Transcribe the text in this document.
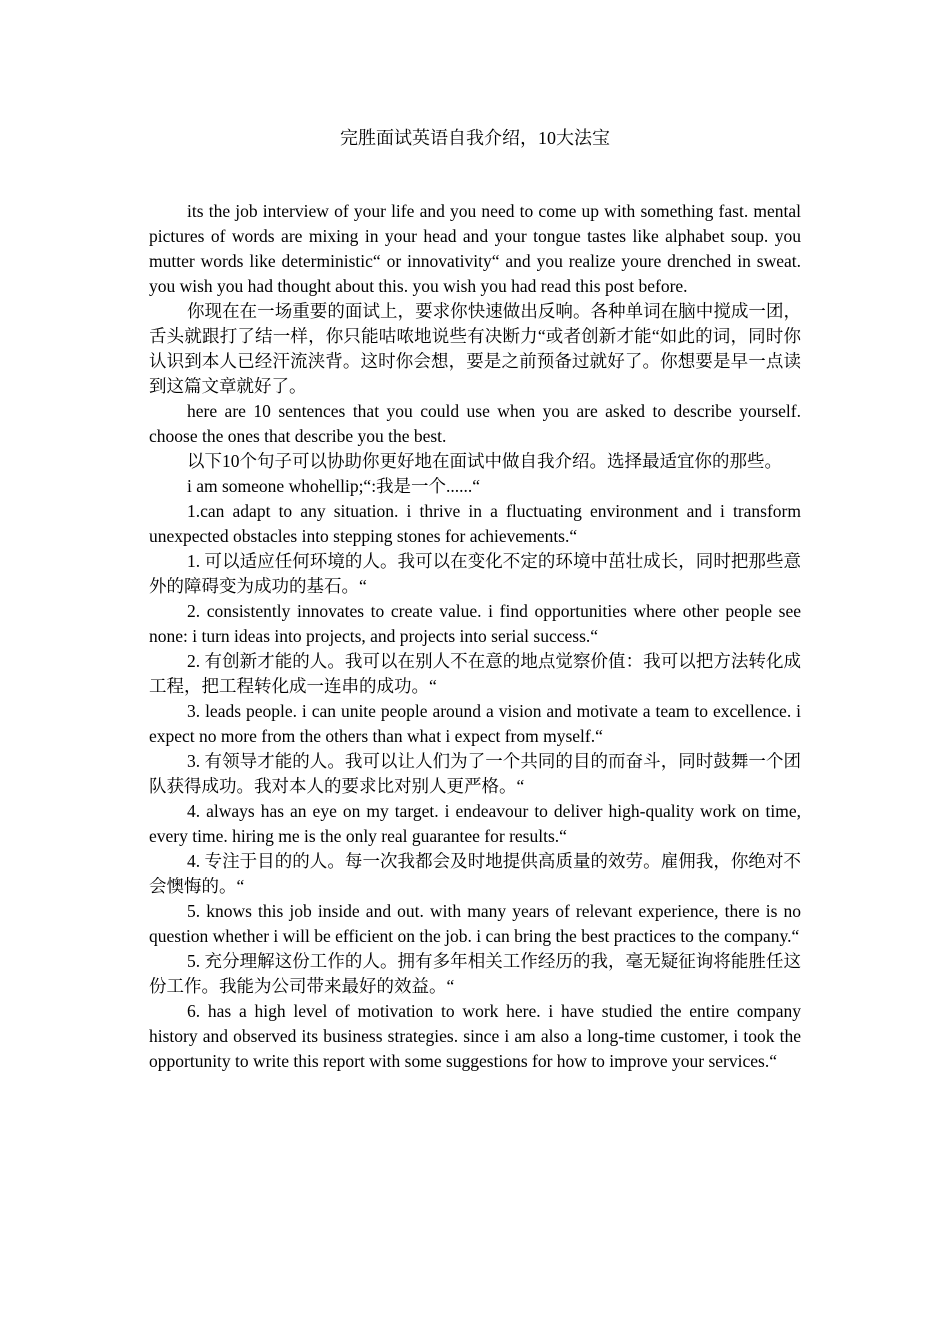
完胜面试英语自我介绍，10大法宝

its the job interview of your life and you need to come up with something fast. mental pictures of words are mixing in your head and your tongue tastes like alphabet soup. you mutter words like deterministic“ or innovativity“ and you realize youre drenched in sweat. you wish you had thought about this. you wish you had read this post before.

你现在在一场重要的面试上，要求你快速做出反响。各种单词在脑中搅成一团，舌头就跟打了结一样，你只能咕哝地说些有决断力“或者创新才能“如此的词，同时你认识到本人已经汗流浃背。这时你会想，要是之前预备过就好了。你想要是早一点读到这篇文章就好了。

here are 10 sentences that you could use when you are asked to describe yourself. choose the ones that describe you the best.

以下10个句子可以协助你更好地在面试中做自我介绍。选择最适宜你的那些。

i am someone whohellip;“:我是一个......“

1.can adapt to any situation. i thrive in a fluctuating environment and i transform unexpected obstacles into stepping stones for achievements.“

1. 可以适应任何环境的人。我可以在变化不定的环境中茁壮成长，同时把那些意外的障碍变为成功的基石。“

2. consistently innovates to create value. i find opportunities where other people see none: i turn ideas into projects, and projects into serial success.“

2. 有创新才能的人。我可以在别人不在意的地点觉察价值：我可以把方法转化成工程，把工程转化成一连串的成功。“

3. leads people. i can unite people around a vision and motivate a team to excellence. i expect no more from the others than what i expect from myself.“

3. 有领导才能的人。我可以让人们为了一个共同的目的而奋斗，同时鼓舞一个团队获得成功。我对本人的要求比对别人更严格。“

4. always has an eye on my target. i endeavour to deliver high-quality work on time, every time. hiring me is the only real guarantee for results.“

4. 专注于目的的人。每一次我都会及时地提供高质量的效劳。雇佣我，你绝对不会懊悔的。“

5. knows this job inside and out. with many years of relevant experience, there is no question whether i will be efficient on the job. i can bring the best practices to the company.“

5. 充分理解这份工作的人。拥有多年相关工作经历的我，毫无疑征询将能胜任这份工作。我能为公司带来最好的效益。“

6. has a high level of motivation to work here. i have studied the entire company history and observed its business strategies. since i am also a long-time customer, i took the opportunity to write this report with some suggestions for how to improve your services.“
